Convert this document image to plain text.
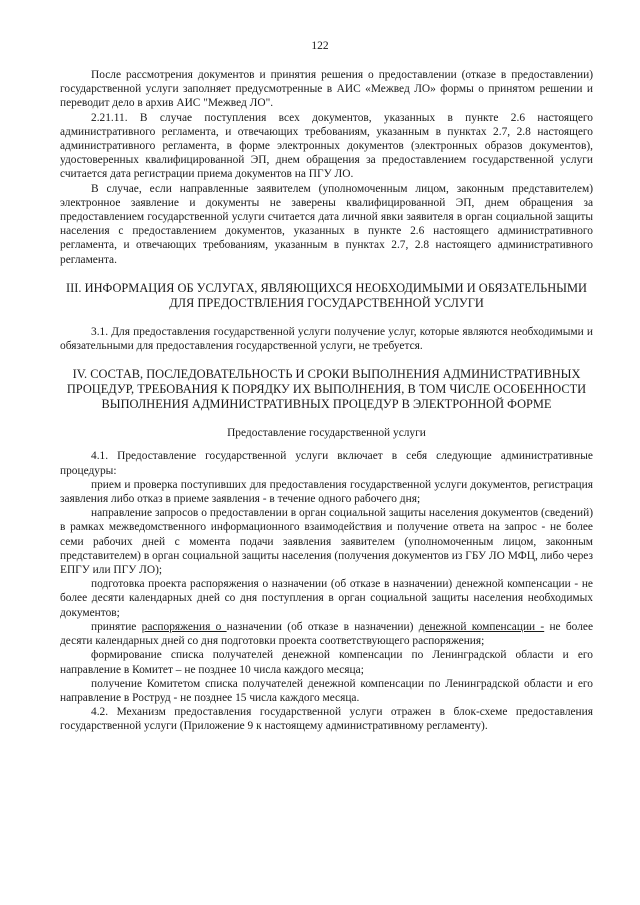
122

После рассмотрения документов и принятия решения о предоставлении (отказе в предоставлении) государственной услуги заполняет предусмотренные в АИС «Межвед ЛО» формы о принятом решении и переводит дело в архив АИС "Межвед ЛО".

2.21.11. В случае поступления всех документов, указанных в пункте 2.6 настоящего административного регламента, и отвечающих требованиям, указанным в пунктах 2.7, 2.8 настоящего административного регламента, в форме электронных документов (электронных образов документов), удостоверенных квалифицированной ЭП, днем обращения за предоставлением государственной услуги считается дата регистрации приема документов на ПГУ ЛО.

В случае, если направленные заявителем (уполномоченным лицом, законным представителем) электронное заявление и документы не заверены квалифицированной ЭП, днем обращения за предоставлением государственной услуги считается дата личной явки заявителя в орган социальной защиты населения с предоставлением документов, указанных в пункте 2.6 настоящего административного регламента, и отвечающих требованиям, указанным в пунктах 2.7, 2.8 настоящего административного регламента.

III. ИНФОРМАЦИЯ ОБ УСЛУГАХ, ЯВЛЯЮЩИХСЯ НЕОБХОДИМЫМИ И ОБЯЗАТЕЛЬНЫМИ ДЛЯ ПРЕДОСТВЛЕНИЯ ГОСУДАРСТВЕННОЙ УСЛУГИ

3.1. Для предоставления государственной услуги получение услуг, которые являются необходимыми и обязательными для предоставления государственной услуги, не требуется.

IV. СОСТАВ, ПОСЛЕДОВАТЕЛЬНОСТЬ И СРОКИ ВЫПОЛНЕНИЯ АДМИНИСТРАТИВНЫХ ПРОЦЕДУР, ТРЕБОВАНИЯ К ПОРЯДКУ ИХ ВЫПОЛНЕНИЯ, В ТОМ ЧИСЛЕ ОСОБЕННОСТИ ВЫПОЛНЕНИЯ АДМИНИСТРАТИВНЫХ ПРОЦЕДУР В ЭЛЕКТРОННОЙ ФОРМЕ

Предоставление государственной услуги

4.1. Предоставление государственной услуги включает в себя следующие административные процедуры:

прием и проверка поступивших для предоставления государственной услуги документов, регистрация заявления либо отказ в приеме заявления - в течение одного рабочего дня;

направление запросов о предоставлении в орган социальной защиты населения документов (сведений) в рамках межведомственного информационного взаимодействия и получение ответа на запрос - не более семи рабочих дней с момента подачи заявления заявителем (уполномоченным лицом, законным представителем) в орган социальной защиты населения (получения документов из ГБУ ЛО МФЦ, либо через ЕПГУ или ПГУ ЛО);

подготовка проекта распоряжения о назначении (об отказе в назначении) денежной компенсации - не более десяти календарных дней со дня поступления в орган социальной защиты населения необходимых документов;

принятие распоряжения о назначении (об отказе в назначении) денежной компенсации - не более десяти календарных дней со дня подготовки проекта соответствующего распоряжения;

формирование списка получателей денежной компенсации по Ленинградской области и его направление в Комитет – не позднее 10 числа каждого месяца;

получение Комитетом списка получателей денежной компенсации по Ленинградской области и его направление в Роструд - не позднее 15 числа каждого месяца.

4.2. Механизм предоставления государственной услуги отражен в блок-схеме предоставления государственной услуги (Приложение 9 к настоящему административному регламенту).
